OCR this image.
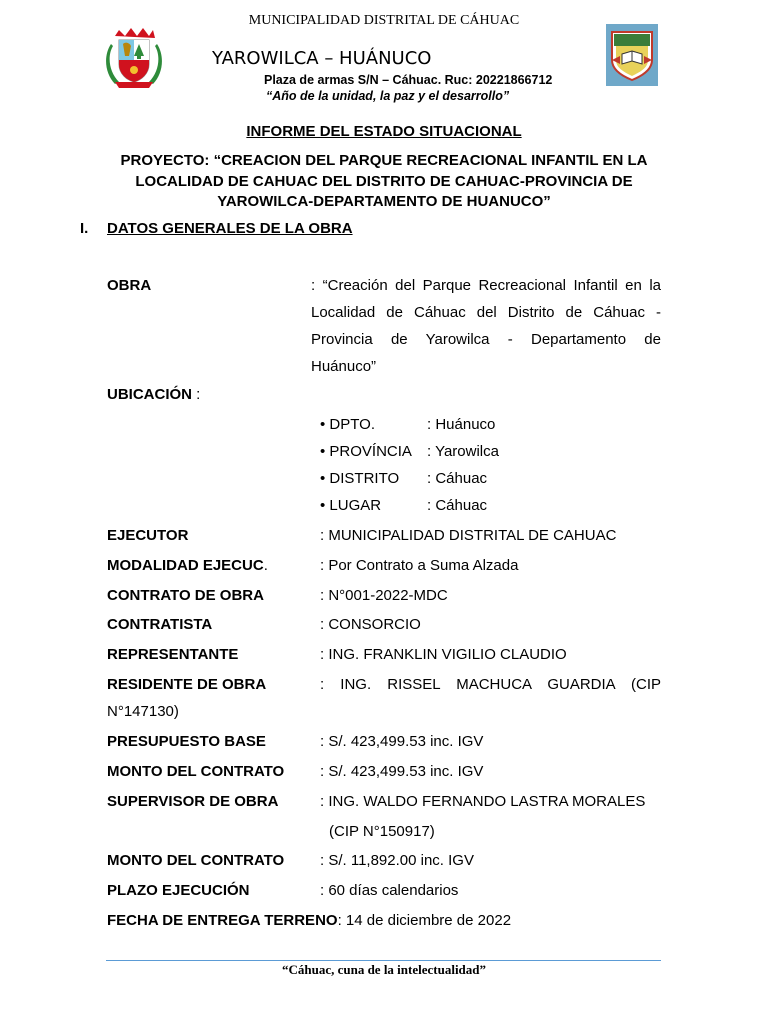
MUNICIPALIDAD DISTRITAL DE CÁHUAC
YAROWILCA – HUÁNUCO
Plaza de armas S/N – Cáhuac. Ruc: 20221866712
“Año de la unidad, la paz y el desarrollo”
INFORME DEL ESTADO SITUACIONAL
PROYECTO: “CREACION DEL PARQUE RECREACIONAL INFANTIL EN LA
LOCALIDAD DE CAHUAC DEL DISTRITO DE CAHUAC-PROVINCIA DE
YAROWILCA-DEPARTAMENTO DE HUANUCO”
I. DATOS GENERALES DE LA OBRA
OBRA	: “Creación del Parque Recreacional Infantil en la
Localidad de Cáhuac del Distrito de Cáhuac -
Provincia de Yarowilca - Departamento de
Huánuco”
UBICACIÓN :
• DPTO.	: Huánuco
• PROVÍNCIA : Yarowilca
• DISTRITO : Cáhuac
• LUGAR	: Cáhuac
EJECUTOR	: MUNICIPALIDAD DISTRITAL DE CAHUAC
MODALIDAD EJECUC.	: Por Contrato a Suma Alzada
CONTRATO DE OBRA	: N°001-2022-MDC
CONTRATISTA	: CONSORCIO
REPRESENTANTE	: ING. FRANKLIN VIGILIO CLAUDIO
RESIDENTE DE OBRA	: ING. RISSEL MACHUCA GUARDIA (CIP
N°147130)
PRESUPUESTO BASE	: S/. 423,499.53 inc. IGV
MONTO DEL CONTRATO : S/. 423,499.53 inc. IGV
SUPERVISOR DE OBRA	: ING. WALDO FERNANDO LASTRA MORALES
(CIP N°150917)
MONTO DEL CONTRATO : S/. 11,892.00 inc. IGV
PLAZO EJECUCIÓN	: 60 días calendarios
FECHA DE ENTREGA TERRENO: 14 de diciembre de 2022
“Cáhuac, cuna de la intelectualidad”
